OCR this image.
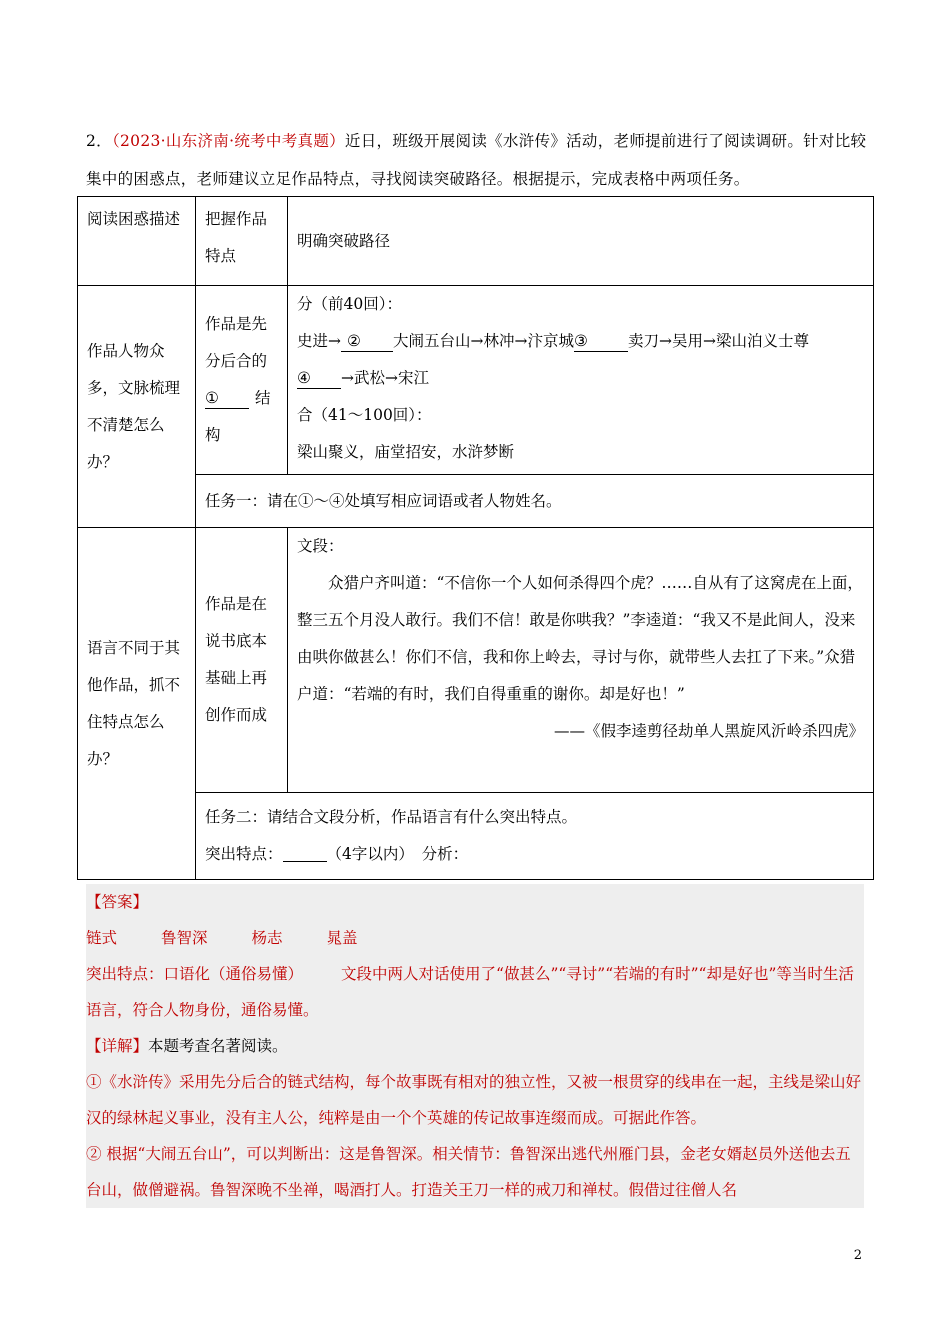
2．（2023·山东济南·统考中考真题）近日，班级开展阅读《水浒传》活动，老师提前进行了阅读调研。针对比较集中的困惑点，老师建议立足作品特点，寻找阅读突破路径。根据提示，完成表格中两项任务。
阅读困惑描述	把握作品特点	明确突破路径
作品人物众多，文脉梳理不清楚怎么办？	作品是先分后合的① 结构	分（前40回）：
史进→ ② 大闹五台山→林冲→汴京城③ 卖刀→吴用→梁山泊义士尊
④ →武松→宋江
合（41～100回）：
梁山聚义，庙堂招安，水浒梦断

	任务一：请在①～④处填写相应词语或者人物姓名。	
语言不同于其他作品，抓不住特点怎么办？	作品是在说书底本基础上再创作而成	文段：
众猎户齐叫道：“不信你一个人如何杀得四个虎？……自从有了这窝虎在上面，整三五个月没人敢行。我们不信！敢是你哄我？”李逵道：“我又不是此间人，没来由哄你做甚么！你们不信，我和你上岭去，寻讨与你，就带些人去扛了下来。”众猎户道：“若端的有时，我们自得重重的谢你。却是好也！”
——《假李逵剪径劫单人黑旋风沂岭杀四虎》

	任务二：请结合文段分析，作品语言有什么突出特点。
突出特点： （4字以内）　分析：	

【答案】

链式	鲁智深	杨志	晁盖

突出特点：口语化（通俗易懂） 文段中两人对话使用了“做甚么”“寻讨”“若端的有时”“却是好也”等当时生活语言，符合人物身份，通俗易懂。

【详解】本题考查名著阅读。

①《水浒传》采用先分后合的链式结构，每个故事既有相对的独立性，又被一根贯穿的线串在一起，主线是梁山好汉的绿林起义事业，没有主人公，纯粹是由一个个英雄的传记故事连缀而成。可据此作答。

② 根据“大闹五台山”，可以判断出：这是鲁智深。相关情节：鲁智深出逃代州雁门县，金老女婿赵员外送他去五台山，做僧避祸。鲁智深晚不坐禅，喝酒打人。打造关王刀一样的戒刀和禅杖。假借过往僧人名

2
